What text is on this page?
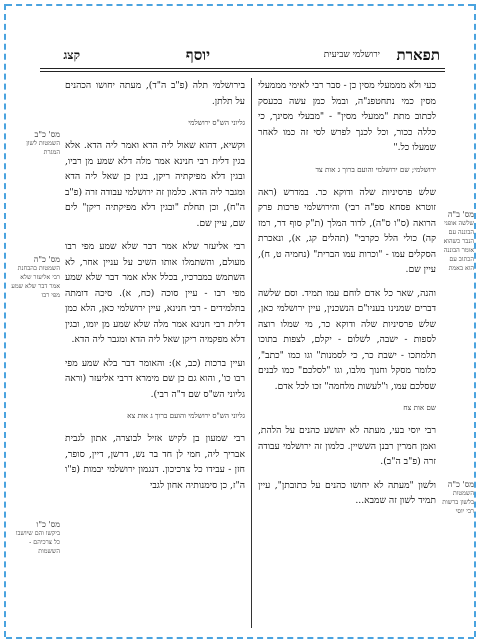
תפארת
ירושלמי שביעית
יוסף
קצג

כעי ולא מממעלי מסין כן - סבר רבי לאימי מממעלי מסין כמי נתחטפנ"ה, ובמל כמן עשה בכעסק לכתוב מתת "ממעלי מסין" - "מבעלי מסינך, כי כללה ככור, וכל לכנך לפרש לסי זה כמו לאחר שמעלו כל."

ירושלמי; שם ירושלמי והועם ברוך ג אות צד

שלש פרסיניות שלה ודוקא כר. במדרש (ראה זוטרא פסחא ספ"ה רבי) והירושלמי פרכות פרק הרואה (ס"ו ס"ה), לדוד המלך (ת"ק סוף דר, רמז קה) כולי הלל כקרבי" (תהלים קג, א), ונאכרת הסקלים עמו - "וכרות עמו הברית" (נחמיה ט, ח), עיין שם.

והנה, שאר כל אדם לוחם עמו תמיד. וסם שלשה דברים שמנינו בעניו"ם הנשכנין, עיין ירושלמי כאן, שלש פרסיניות שלה ודוקא כר, מי שמלו רוצה לספות - ישבה, לשלום - יקלם, לצפות בתוכו תלמתכו - ישבת כר, כי לסמנות" וגו כמו "כתב", כלומר מסקל וחנוך מלבו, וגו "לסלכם" כמו לבנים שסלכם עמו, ו"לעשות מלחמה" זכו לכל אדם.

שם אות צח

רבי יוסי בעי, מעתה לא יהושע כהנים על הלהת, ואמן חמרין רבנן הששיין. כלמון זה ירושלמי עבודה זרה (פ"ב ה"ב).

ולשון "מעתה לא יחושו כהנים על כתובתן", עיין תמיד לשון זה שמבא...

בירושלמי תלה (פ"ב ה"ד), מעתה יחושו הכהנים על תלתן.

גליוני הש"ס ירושלמי

וקשיא, דהוא שאול ליה הדא ואמר ליה הדא. אלא בגין דלית רבי חנינא אמר מלה דלא שמע מן רביו, ובגין דלא מפיקתיה ריקן, בגין כן שאל ליה הדא ומגבר ליה הדא. כלמון זה ירושלמי עבודה זרה (פ"ב ה"ח), וכן תחלת "ובגין דלא מפיקתיה ריקן" לים שם, עיין שם.

רבי אליעזר שלא אמר דבר שלא שמע מפי רבו מעולם, והשתמלו אותו השיב על עניין אחר, לא השתמש במברכיו, בכלל אלא אמר דבר שלא שמע מפי רבו - עיין סוכה (כח, א). סיכה דומתה בתלמידים - רבי חנינא, עיין ירושלמי כאן, הלא כמן דלית רבי חנינא אמר מלה שלא שמע מן יומו, ובגין דלא מפקמיה ריקן שאל ליה הדא ומגבר ליה הדא.

ועיין ברכות (כב, א): והאומר דבר בלא שמע מפי רבו כו', והוא גם כן שם מימרא דרבי אליעזר (וראה גליוני הש"ס שם ד"ה רבי).

גליוני הש"ס ירושלמי והועם ברוך ג אות צא

רבי שמעון בן לקיש אזיל לבוצרה, אתון לגבית אבריך ליה, חמי לן חד בר נש, דרשן, דיין, סופר, חזן - עבידו כל צרכיכון. דנגמון ירושלמי יבמות (פ"ו ה"ז, כן סימנותיה אחון לגבי

מס' כ"ב
השמטות לשון המגרת
מס' ב"ה
שלשה אופני הבוננה עם הנבר כשהוא אומר הבוננה הכתוב עם הוא באמת
מס' כ"ה
השמטות בהבחנת רבי אליעזר שלא אמר דבר שלא שמע מפי רבו
מס' כ"ה
השמטות בלשון ברשות רבי יוסי
מס' כ"ו
ביקשו והם שיושבו כל צרכיהם - הששמות
